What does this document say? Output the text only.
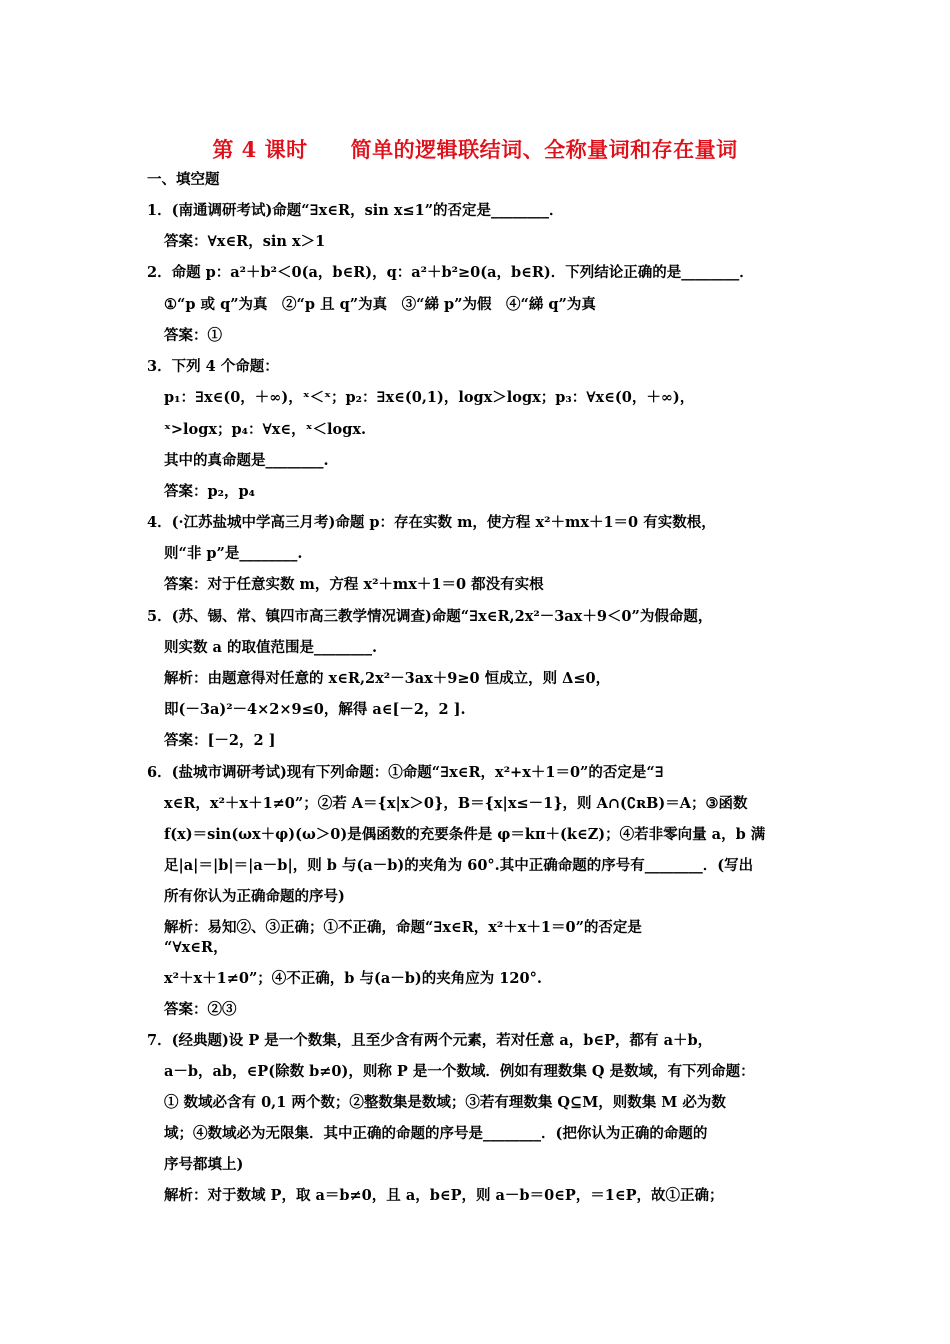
第 4 课时　　简单的逻辑联结词、全称量词和存在量词
一、填空题
1．(南通调研考试)命题“∃x∈R，sin x≤1”的否定是________．
答案：∀x∈R，sin x＞1
2．命题 p：a²＋b²＜0(a，b∈R)，q：a²＋b²≥0(a，b∈R)．下列结论正确的是________．
①“p 或 q”为真　②“p 且 q”为真　③“綈 p”为假　④“綈 q”为真
答案：①
3．下列 4 个命题：
p₁：∃x∈(0，＋∞)，ˣ＜ˣ；p₂：∃x∈(0,1)，logx＞logx；p₃：∀x∈(0，＋∞)，
ˣ>logx；p₄：∀x∈，ˣ＜logx.
其中的真命题是________.
答案：p₂，p₄
4．(·江苏盐城中学高三月考)命题 p：存在实数 m，使方程 x²＋mx＋1＝0 有实数根，
则“非 p”是________.
答案：对于任意实数 m，方程 x²＋mx＋1＝0 都没有实根
5．(苏、锡、常、镇四市高三教学情况调查)命题“∃x∈R,2x²－3ax＋9＜0”为假命题，
则实数 a 的取值范围是________.
解析：由题意得对任意的 x∈R,2x²－3ax＋9≥0 恒成立，则 Δ≤0，
即(－3a)²－4×2×9≤0，解得 a∈[－2，2 ].
答案：[－2，2 ]
6．(盐城市调研考试)现有下列命题：①命题“∃x∈R，x²+x＋1＝0”的否定是“∃
x∈R，x²＋x＋1≠0”；②若 A＝{x|x＞0}，B＝{x|x≤－1}，则 A∩(∁ʀB)＝A；③函数
f(x)＝sin(ωx＋φ)(ω＞0)是偶函数的充要条件是 φ＝kπ＋(k∈Z)；④若非零向量 a，b 满
足|a|＝|b|＝|a－b|，则 b 与(a－b)的夹角为 60°.其中正确命题的序号有________．(写出
所有你认为正确命题的序号)
解析：易知②、③正确；①不正确，命题“∃x∈R，x²＋x＋1＝0”的否定是
“∀x∈R，
x²＋x＋1≠0”；④不正确，b 与(a－b)的夹角应为 120°.
答案：②③
7．(经典题)设 P 是一个数集，且至少含有两个元素，若对任意 a，b∈P，都有 a＋b，
a－b，ab，∈P(除数 b≠0)，则称 P 是一个数域．例如有理数集 Q 是数域，有下列命题：
① 数域必含有 0,1 两个数；②整数集是数域；③若有理数集 Q⊆M，则数集 M 必为数
域；④数域必为无限集．其中正确的命题的序号是________．(把你认为正确的命题的
序号都填上)
解析：对于数域 P，取 a＝b≠0，且 a，b∈P，则 a－b＝0∈P，＝1∈P，故①正确；
